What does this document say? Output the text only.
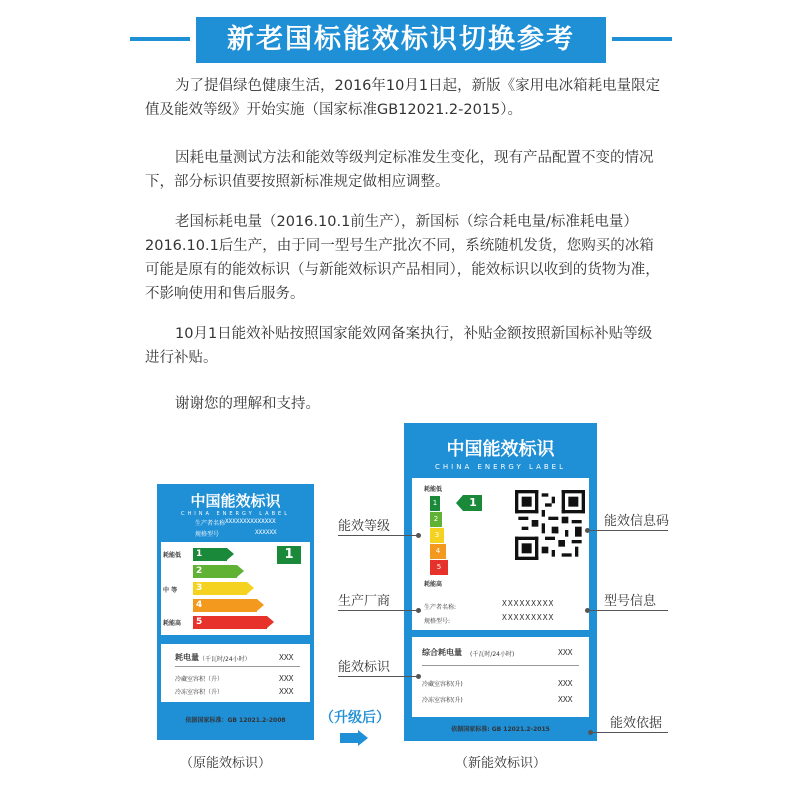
新老国标能效标识切换参考
为了提倡绿色健康生活，2016年10月1日起，新版《家用电冰箱耗电量限定值及能效等级》开始实施（国家标准GB12021.2-2015）。
因耗电量测试方法和能效等级判定标准发生变化，现有产品配置不变的情况下，部分标识值要按照新标准规定做相应调整。
老国标耗电量（2016.10.1前生产），新国标（综合耗电量/标准耗电量）2016.10.1后生产，由于同一型号生产批次不同，系统随机发货，您购买的冰箱可能是原有的能效标识（与新能效标识产品相同），能效标识以收到的货物为准，不影响使用和售后服务。
10月1日能效补贴按照国家能效网备案执行，补贴金额按照新国标补贴等级进行补贴。
谢谢您的理解和支持。
中国能效标识
CHINA ENERGY LABEL
生产者名称 XXXXXXXXXXXXXX
规格型号	XXXXXX
耗能低
中 等
耗能高
1
2
3
4
5
1
耗电量 （千瓦时/24小时）	XXX
冷藏室容积（升）	XXX
冷冻室容积（升）	XXX
依据国家标准：GB 12021.2-2008	（升级后）
中国能效标识
CHINA ENERGY LABEL
耗能低
1
2
3
4
5
耗能高
1
生产者名称:	XXXXXXXXX
规格型号:	XXXXXXXXX
综合耗电量 (千瓦时/24小时)	XXX
冷藏室容积(升)	XXX
冷冻室容积(升)	XXX
依据国家标准: GB 12021.2-2015
能效等级
生产厂商
能效标识
能效信息码
型号信息
能效依据
（原能效标识）	（新能效标识）
